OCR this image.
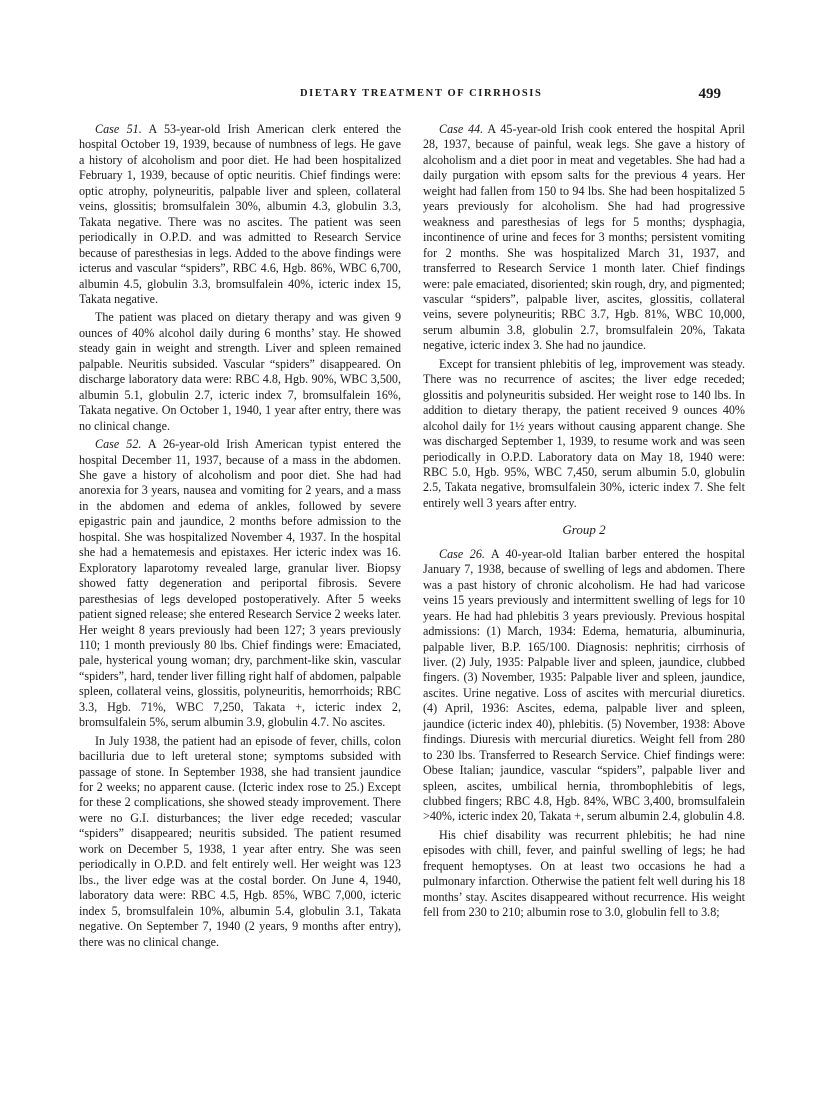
DIETARY TREATMENT OF CIRRHOSIS	499

Case 51. A 53-year-old Irish American clerk entered the hospital October 19, 1939, because of numbness of legs. He gave a history of alcoholism and poor diet. He had been hospitalized February 1, 1939, because of optic neuritis. Chief findings were: optic atrophy, polyneuritis, palpable liver and spleen, collateral veins, glossitis; bromsulfalein 30%, albumin 4.3, globulin 3.3, Takata negative. There was no ascites. The patient was seen periodically in O.P.D. and was admitted to Research Service because of paresthesias in legs. Added to the above findings were icterus and vascular “spiders”, RBC 4.6, Hgb. 86%, WBC 6,700, albumin 4.5, globulin 3.3, bromsulfalein 40%, icteric index 15, Takata negative.

The patient was placed on dietary therapy and was given 9 ounces of 40% alcohol daily during 6 months’ stay. He showed steady gain in weight and strength. Liver and spleen remained palpable. Neuritis subsided. Vascular “spiders” disappeared. On discharge laboratory data were: RBC 4.8, Hgb. 90%, WBC 3,500, albumin 5.1, globulin 2.7, icteric index 7, bromsulfalein 16%, Takata negative. On October 1, 1940, 1 year after entry, there was no clinical change.

Case 52. A 26-year-old Irish American typist entered the hospital December 11, 1937, because of a mass in the abdomen. She gave a history of alcoholism and poor diet. She had had anorexia for 3 years, nausea and vomiting for 2 years, and a mass in the abdomen and edema of ankles, followed by severe epigastric pain and jaundice, 2 months before admission to the hospital. She was hospitalized November 4, 1937. In the hospital she had a hematemesis and epistaxes. Her icteric index was 16. Exploratory laparotomy revealed large, granular liver. Biopsy showed fatty degeneration and periportal fibrosis. Severe paresthesias of legs developed postoperatively. After 5 weeks patient signed release; she entered Research Service 2 weeks later. Her weight 8 years previously had been 127; 3 years previously 110; 1 month previously 80 lbs. Chief findings were: Emaciated, pale, hysterical young woman; dry, parchment-like skin, vascular “spiders”, hard, tender liver filling right half of abdomen, palpable spleen, collateral veins, glossitis, polyneuritis, hemorrhoids; RBC 3.3, Hgb. 71%, WBC 7,250, Takata +, icteric index 2, bromsulfalein 5%, serum albumin 3.9, globulin 4.7. No ascites.

In July 1938, the patient had an episode of fever, chills, colon bacilluria due to left ureteral stone; symptoms subsided with passage of stone. In September 1938, she had transient jaundice for 2 weeks; no apparent cause. (Icteric index rose to 25.) Except for these 2 complications, she showed steady improvement. There were no G.I. disturbances; the liver edge receded; vascular “spiders” disappeared; neuritis subsided. The patient resumed work on December 5, 1938, 1 year after entry. She was seen periodically in O.P.D. and felt entirely well. Her weight was 123 lbs., the liver edge was at the costal border. On June 4, 1940, laboratory data were: RBC 4.5, Hgb. 85%, WBC 7,000, icteric index 5, bromsulfalein 10%, albumin 5.4, globulin 3.1, Takata negative. On September 7, 1940 (2 years, 9 months after entry), there was no clinical change.

Case 44. A 45-year-old Irish cook entered the hospital April 28, 1937, because of painful, weak legs. She gave a history of alcoholism and a diet poor in meat and vegetables. She had had a daily purgation with epsom salts for the previous 4 years. Her weight had fallen from 150 to 94 lbs. She had been hospitalized 5 years previously for alcoholism. She had had progressive weakness and paresthesias of legs for 5 months; dysphagia, incontinence of urine and feces for 3 months; persistent vomiting for 2 months. She was hospitalized March 31, 1937, and transferred to Research Service 1 month later. Chief findings were: pale emaciated, disoriented; skin rough, dry, and pigmented; vascular “spiders”, palpable liver, ascites, glossitis, collateral veins, severe polyneuritis; RBC 3.7, Hgb. 81%, WBC 10,000, serum albumin 3.8, globulin 2.7, bromsulfalein 20%, Takata negative, icteric index 3. She had no jaundice.

Except for transient phlebitis of leg, improvement was steady. There was no recurrence of ascites; the liver edge receded; glossitis and polyneuritis subsided. Her weight rose to 140 lbs. In addition to dietary therapy, the patient received 9 ounces 40% alcohol daily for 1½ years without causing apparent change. She was discharged September 1, 1939, to resume work and was seen periodically in O.P.D. Laboratory data on May 18, 1940 were: RBC 5.0, Hgb. 95%, WBC 7,450, serum albumin 5.0, globulin 2.5, Takata negative, bromsulfalein 30%, icteric index 7. She felt entirely well 3 years after entry.

Group 2

Case 26. A 40-year-old Italian barber entered the hospital January 7, 1938, because of swelling of legs and abdomen. There was a past history of chronic alcoholism. He had had varicose veins 15 years previously and intermittent swelling of legs for 10 years. He had had phlebitis 3 years previously. Previous hospital admissions: (1) March, 1934: Edema, hematuria, albuminuria, palpable liver, B.P. 165/100. Diagnosis: nephritis; cirrhosis of liver. (2) July, 1935: Palpable liver and spleen, jaundice, clubbed fingers. (3) November, 1935: Palpable liver and spleen, jaundice, ascites. Urine negative. Loss of ascites with mercurial diuretics. (4) April, 1936: Ascites, edema, palpable liver and spleen, jaundice (icteric index 40), phlebitis. (5) November, 1938: Above findings. Diuresis with mercurial diuretics. Weight fell from 280 to 230 lbs. Transferred to Research Service. Chief findings were: Obese Italian; jaundice, vascular “spiders”, palpable liver and spleen, ascites, umbilical hernia, thrombophlebitis of legs, clubbed fingers; RBC 4.8, Hgb. 84%, WBC 3,400, bromsulfalein >40%, icteric index 20, Takata +, serum albumin 2.4, globulin 4.8.

His chief disability was recurrent phlebitis; he had nine episodes with chill, fever, and painful swelling of legs; he had frequent hemoptyses. On at least two occasions he had a pulmonary infarction. Otherwise the patient felt well during his 18 months’ stay. Ascites disappeared without recurrence. His weight fell from 230 to 210; albumin rose to 3.0, globulin fell to 3.8;
